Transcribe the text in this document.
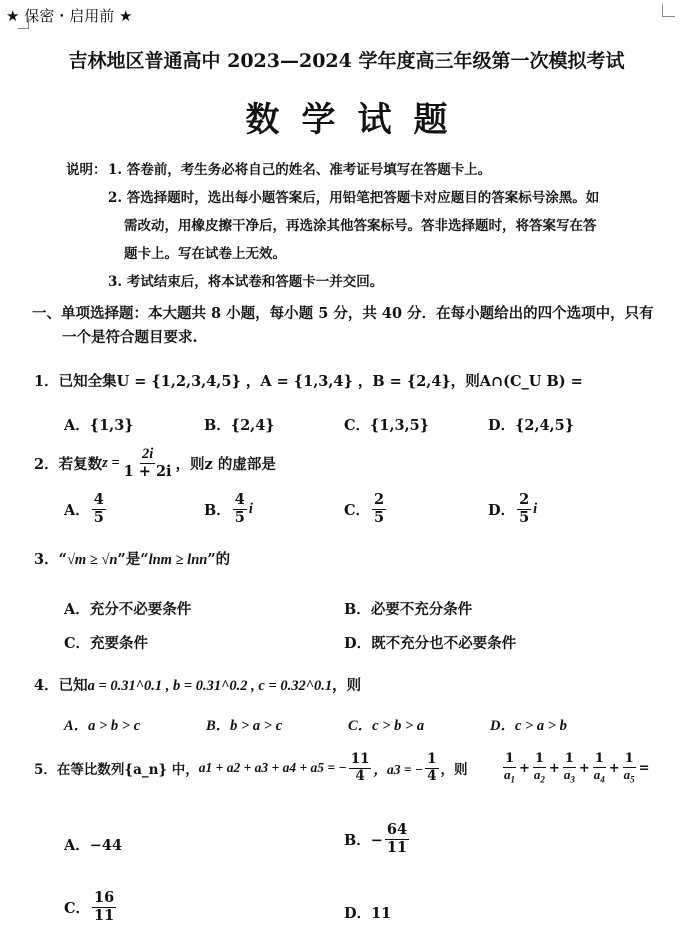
★ 保密・启用前 ★
吉林地区普通高中 2023—2024 学年度高三年级第一次模拟考试
数学试题
说明： 1. 答卷前，考生务必将自己的姓名、准考证号填写在答题卡上。
2. 答选择题时，选出每小题答案后，用铅笔把答题卡对应题目的答案标号涂黑。如
需改动，用橡皮擦干净后，再选涂其他答案标号。答非选择题时，将答案写在答
题卡上。写在试卷上无效。
3. 考试结束后，将本试卷和答题卡一并交回。
一、单项选择题：本大题共 8 小题，每小题 5 分，共 40 分．在每小题给出的四个选项中，只有
一个是符合题目要求.
1．已知全集U = {1,2,3,4,5} ，A = {1,3,4} ，B = {2,4}，则A∩(C_U B) =
A．{1,3}	B．{2,4}	C．{1,3,5}	D．{2,4,5}
2．若复数 $z = \frac{2i}{1 + 2i}$ ，则z 的虚部是
A． $\frac{4}{5}$	B． $\frac{4}{5}$ i	C． $\frac{2}{5}$	D． $\frac{2}{5}$ i
3．“√m ≥ √n”是“lnm ≥ lnn”的
A．充分不必要条件	B．必要不充分条件
C．充要条件	D．既不充分也不必要条件
4．已知a = 0.31^0.1 , b = 0.31^0.2 , c = 0.32^0.1，则
A．a > b > c	B．b > a > c	C．c > b > a	D．c > a > b
5．在等比数列{a_n} 中， a1 + a2 + a3 + a4 + a5 = − $\frac{11}{4}$ ，a3 = − $\frac{1}{4}$ ，则	$\frac{1}{a_1} + \frac{1}{a_2} + \frac{1}{a_3} + \frac{1}{a_4} + \frac{1}{a_5}$ =
A．−44	B．− $\frac{64}{11}$
C． $\frac{16}{11}$	D．11
